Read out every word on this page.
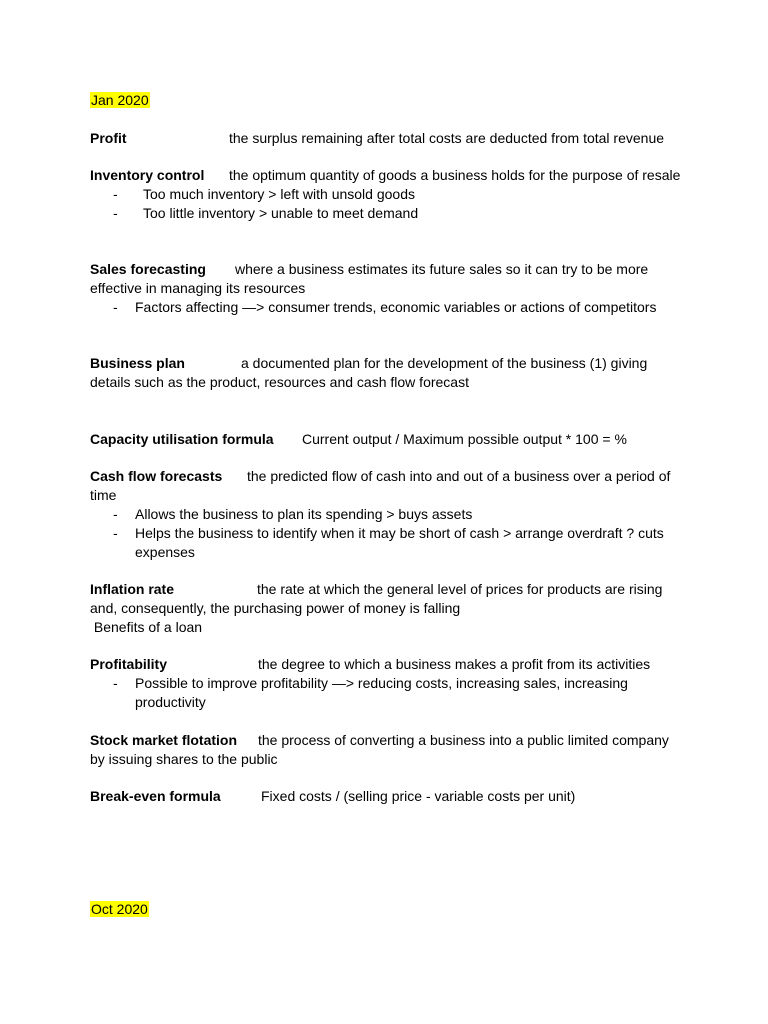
Jan 2020
Profit	the surplus remaining after total costs are deducted from total revenue
Inventory control the optimum quantity of goods a business holds for the purpose of resale
- Too much inventory > left with unsold goods
- Too little inventory > unable to meet demand
Sales forecasting where a business estimates its future sales so it can try to be more
effective in managing its resources
- Factors affecting —> consumer trends, economic variables or actions of competitors
Business plan	a documented plan for the development of the business (1) giving
details such as the product, resources and cash flow forecast
Capacity utilisation formula Current output / Maximum possible output * 100 = %
Cash flow forecasts the predicted flow of cash into and out of a business over a period of
time
- Allows the business to plan its spending > buys assets
- Helps the business to identify when it may be short of cash > arrange overdraft ? cuts
expenses
Inflation rate	the rate at which the general level of prices for products are rising
and, consequently, the purchasing power of money is falling
Benefits of a loan
Profitability	the degree to which a business makes a profit from its activities
- Possible to improve profitability —> reducing costs, increasing sales, increasing
productivity
Stock market flotation the process of converting a business into a public limited company
by issuing shares to the public
Break-even formula	Fixed costs / (selling price - variable costs per unit)
Oct 2020
